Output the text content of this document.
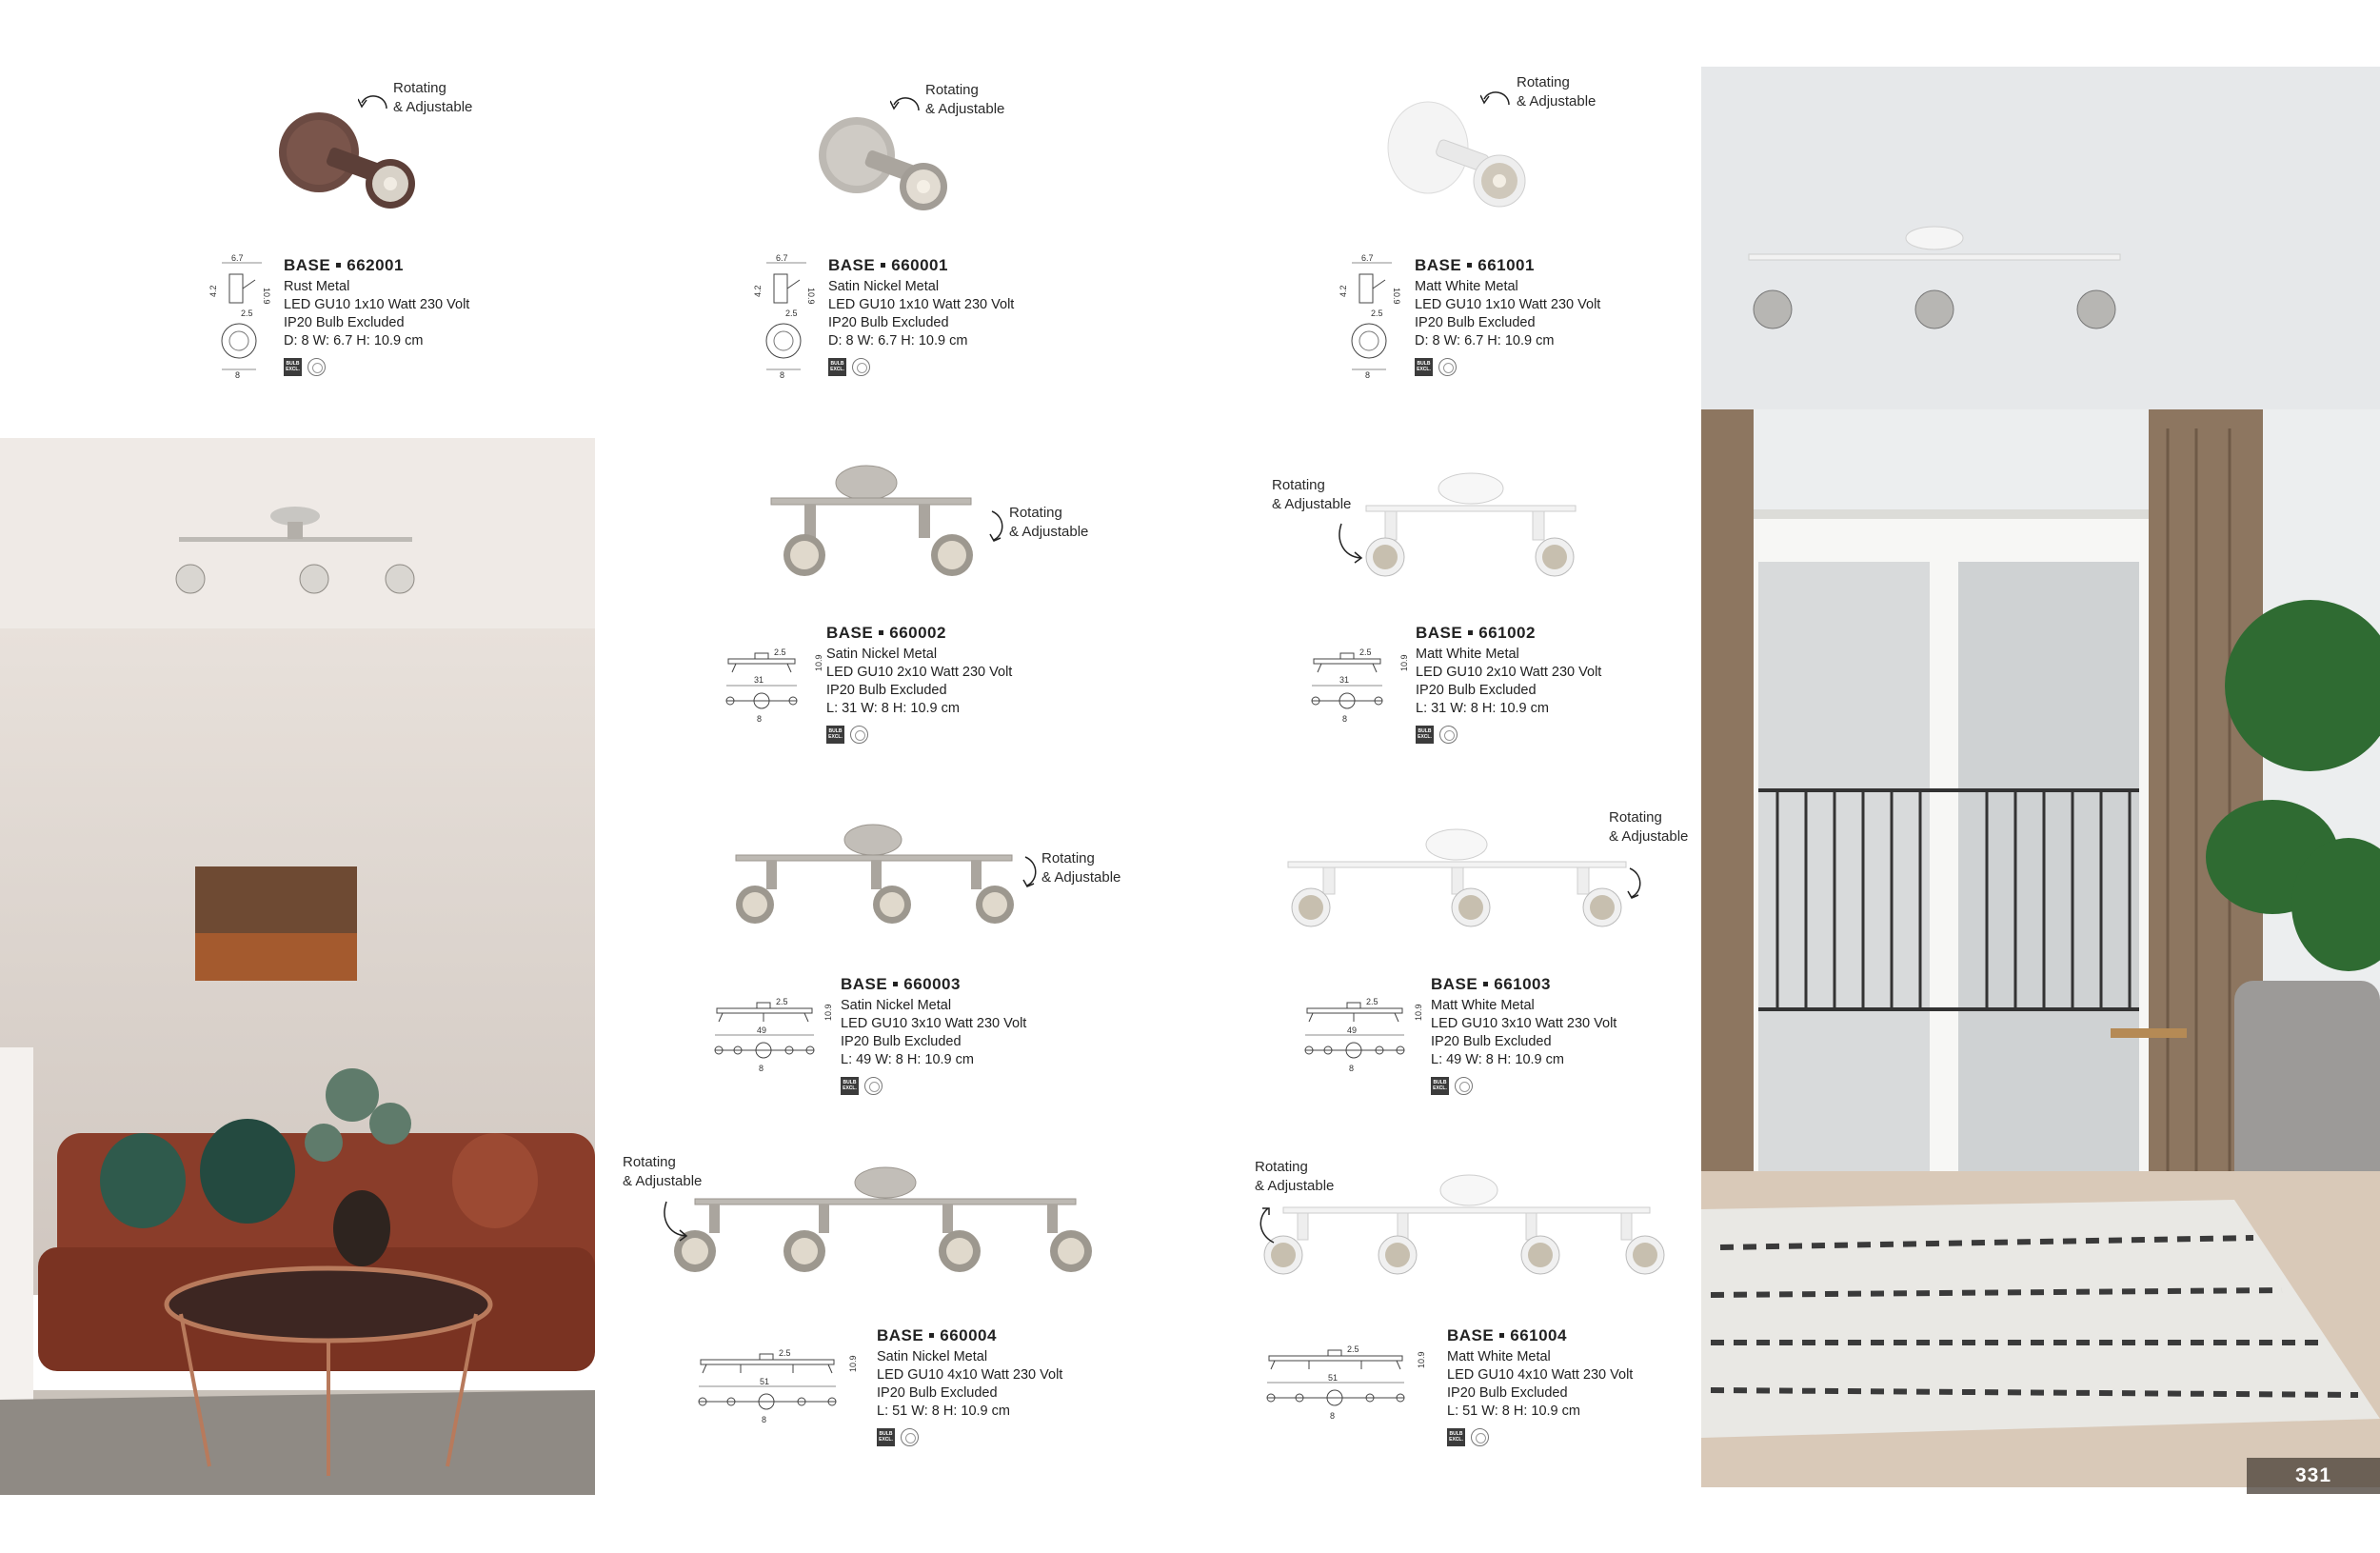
331
Rotating
& Adjustable
Rotating
& Adjustable
Rotating
& Adjustable
Rotating
& Adjustable
Rotating
& Adjustable
Rotating
& Adjustable
Rotating
& Adjustable
Rotating
& Adjustable
Rotating
& Adjustable
6.7
2.5
4.2	10.9
8
BASE 662001
Rust Metal
LED GU10 1x10 Watt 230 Volt
IP20 Bulb Excluded
D: 8 W: 6.7 H: 10.9 cm
BULB
EXCL.
6.7
2.5
4.2	10.9
8
BASE 660001
Satin Nickel Metal
LED GU10 1x10 Watt 230 Volt
IP20 Bulb Excluded
D: 8 W: 6.7 H: 10.9 cm
BULB
EXCL.
6.7
2.5
4.2	10.9
8
BASE 661001
Matt White Metal
LED GU10 1x10 Watt 230 Volt
IP20 Bulb Excluded
D: 8 W: 6.7 H: 10.9 cm
BULB
EXCL.
2.5
10.9
31
8
BASE 660002
Satin Nickel Metal
LED GU10 2x10 Watt 230 Volt
IP20 Bulb Excluded
L: 31 W: 8 H: 10.9 cm
BULB
EXCL.
2.5
10.9
31
8
BASE 661002
Matt White Metal
LED GU10 2x10 Watt 230 Volt
IP20 Bulb Excluded
L: 31 W: 8 H: 10.9 cm
BULB
EXCL.
2.5
10.9
49
8
BASE 660003
Satin Nickel Metal
LED GU10 3x10 Watt 230 Volt
IP20 Bulb Excluded
L: 49 W: 8 H: 10.9 cm
BULB
EXCL.
2.5
10.9
49
8
BASE 661003
Matt White Metal
LED GU10 3x10 Watt 230 Volt
IP20 Bulb Excluded
L: 49 W: 8 H: 10.9 cm
BULB
EXCL.
2.5
10.9
51
8
BASE 660004
Satin Nickel Metal
LED GU10 4x10 Watt 230 Volt
IP20 Bulb Excluded
L: 51 W: 8 H: 10.9 cm
BULB
EXCL.
2.5
10.9
51
8
BASE 661004
Matt White Metal
LED GU10 4x10 Watt 230 Volt
IP20 Bulb Excluded
L: 51 W: 8 H: 10.9 cm
BULB
EXCL.
